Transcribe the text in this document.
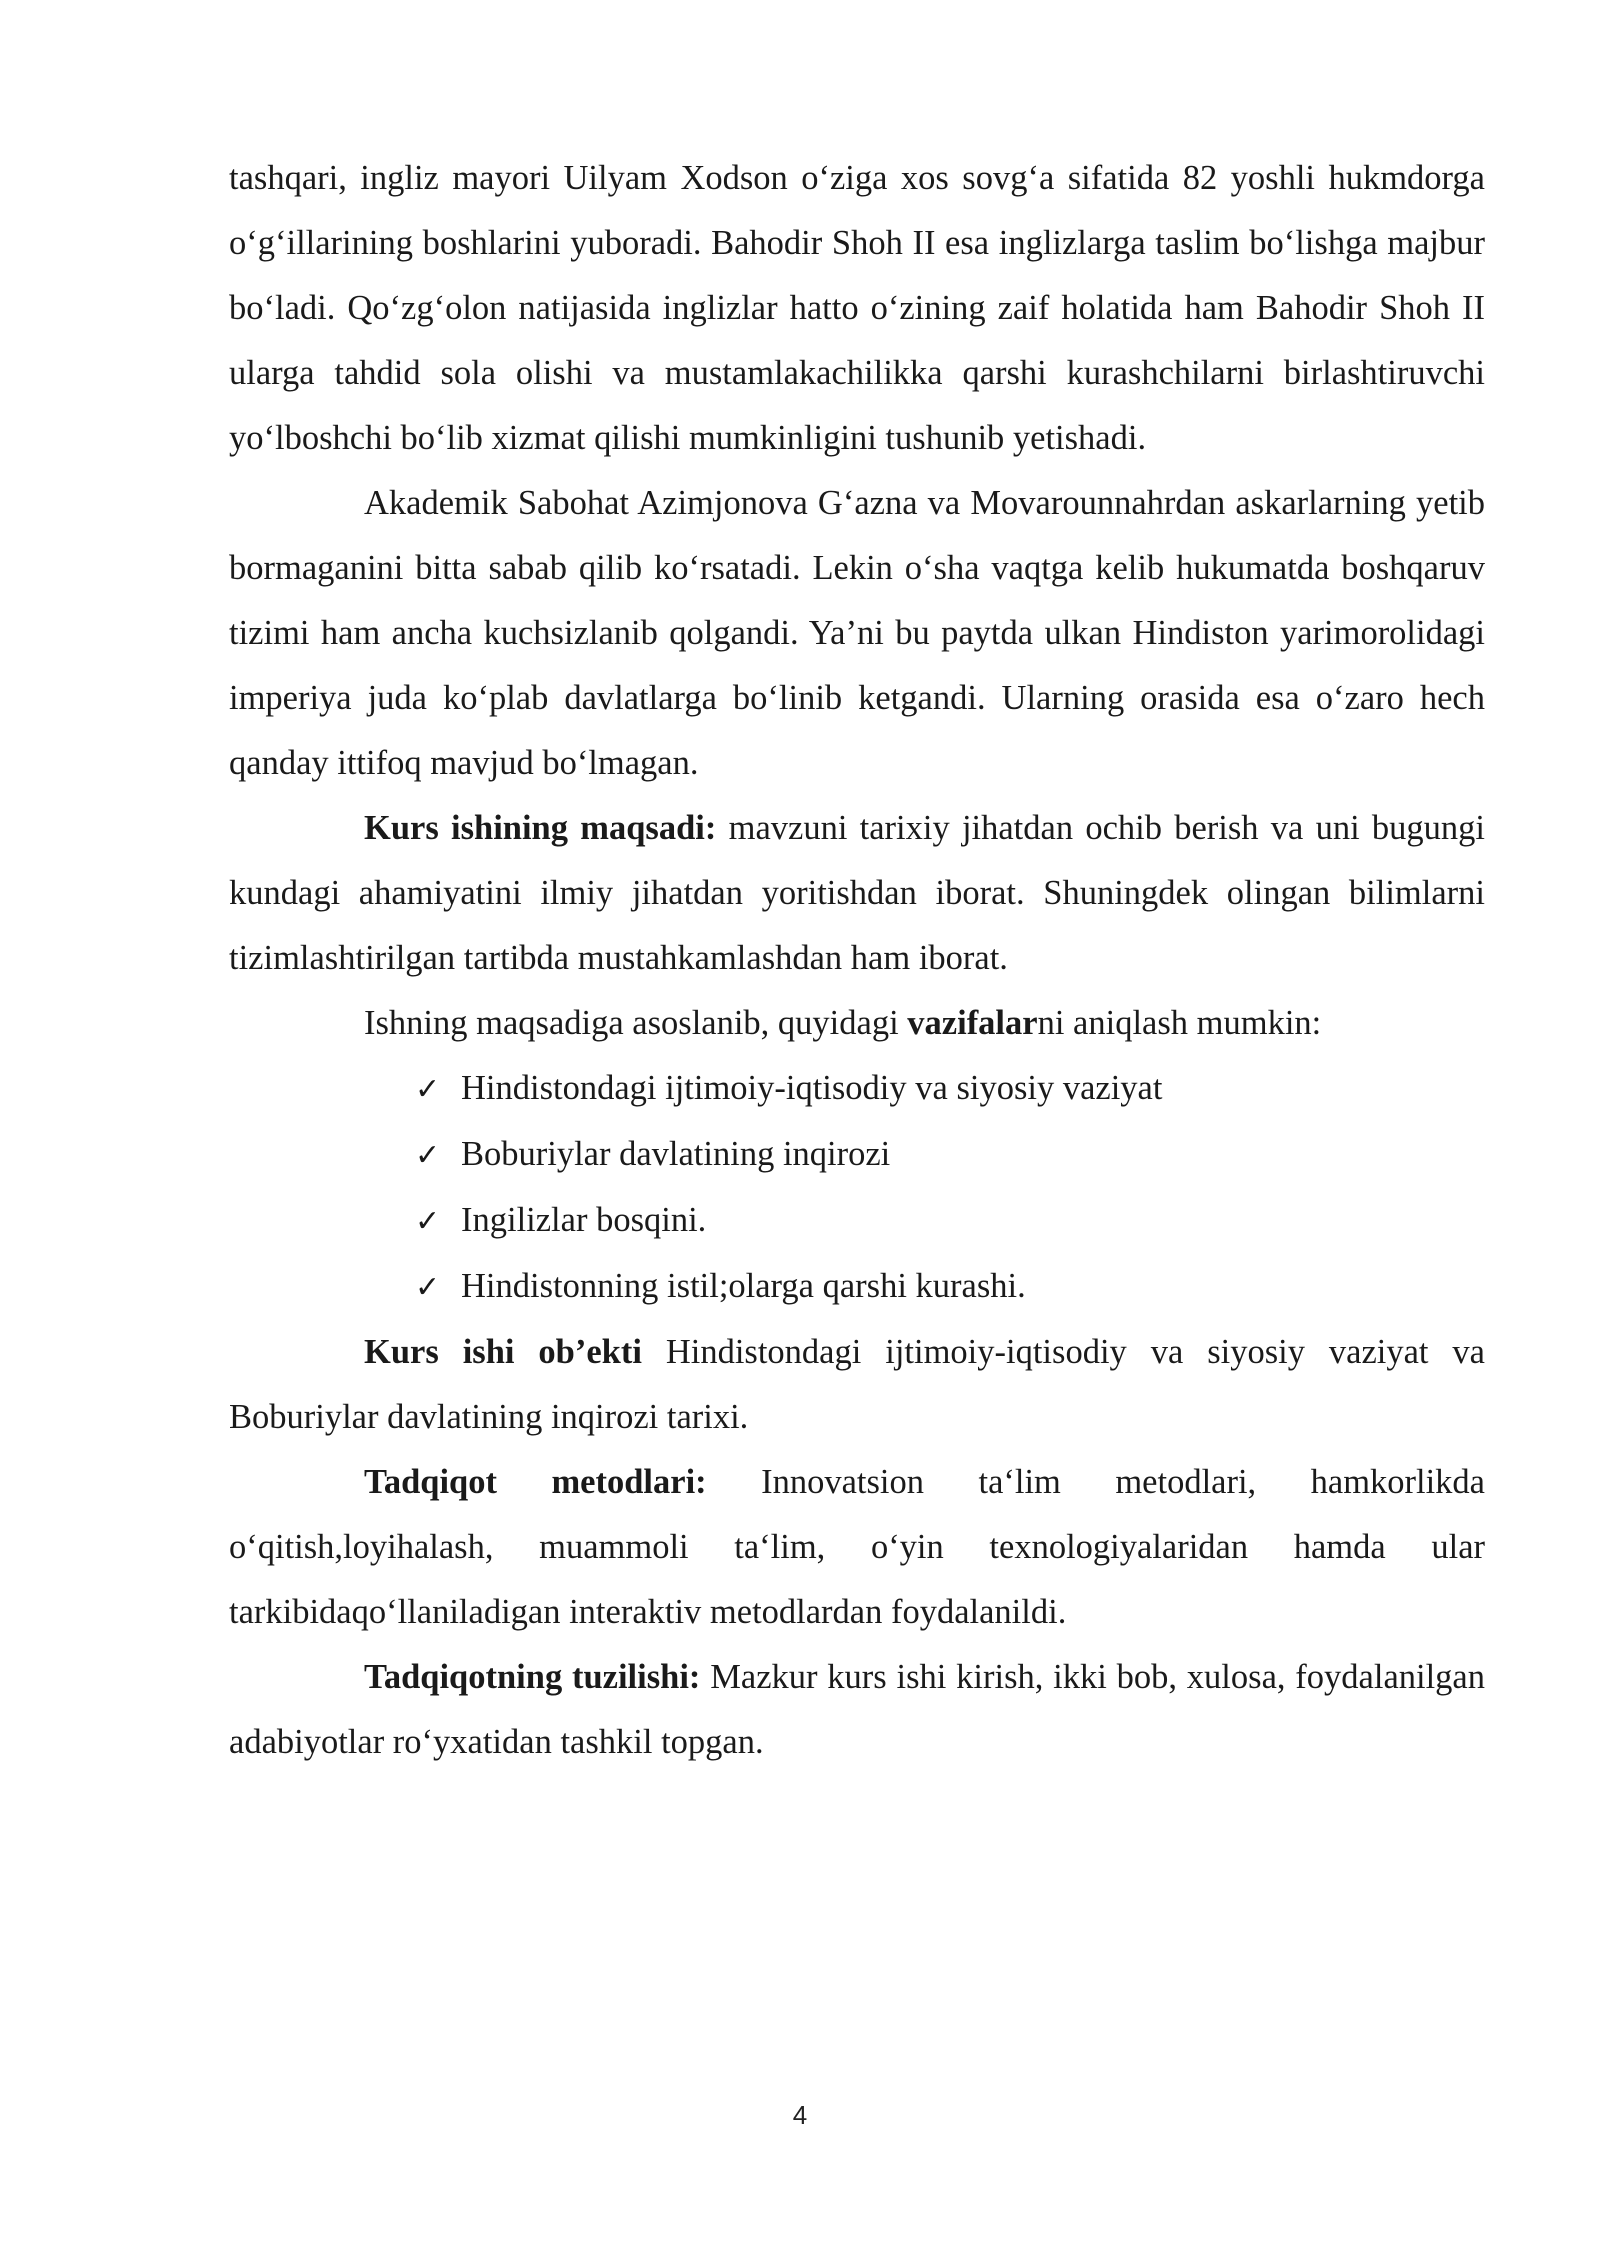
tashqari, ingliz mayori Uilyam Xodson o‘ziga xos sovg‘a sifatida 82 yoshli hukmdorga o‘g‘illarining boshlarini yuboradi. Bahodir Shoh II esa inglizlarga taslim bo‘lishga majbur bo‘ladi. Qo‘zg‘olon natijasida inglizlar hatto o‘zining zaif holatida ham Bahodir Shoh II ularga tahdid sola olishi va mustamlakachilikka qarshi kurashchilarni birlashtiruvchi yo‘lboshchi bo‘lib xizmat qilishi mumkinligini tushunib yetishadi.

Akademik Sabohat Azimjonova G‘azna va Movarounnahrdan askarlarning yetib bormaganini bitta sabab qilib ko‘rsatadi. Lekin o‘sha vaqtga kelib hukumatda boshqaruv tizimi ham ancha kuchsizlanib qolgandi. Ya’ni bu paytda ulkan Hindiston yarimorolidagi imperiya juda ko‘plab davlatlarga bo‘linib ketgandi. Ularning orasida esa o‘zaro hech qanday ittifoq mavjud bo‘lmagan.

Kurs ishining maqsadi: mavzuni tarixiy jihatdan ochib berish va uni bugungi kundagi ahamiyatini ilmiy jihatdan yoritishdan iborat. Shuningdek olingan bilimlarni tizimlashtirilgan tartibda mustahkamlashdan ham iborat.

Ishning maqsadiga asoslanib, quyidagi vazifalarni aniqlash mumkin:

✓ Hindistondagi ijtimoiy-iqtisodiy va siyosiy vaziyat
✓ Boburiylar davlatining inqirozi
✓ Ingilizlar bosqini.
✓ Hindistonning istil;olarga qarshi kurashi.

Kurs ishi ob’ekti Hindistondagi ijtimoiy-iqtisodiy va siyosiy vaziyat va Boburiylar davlatining inqirozi tarixi.

Tadqiqot metodlari: Innovatsion ta‘lim metodlari, hamkorlikda o‘qitish,loyihalash, muammoli ta‘lim, o‘yin texnologiyalaridan hamda ular tarkibidaqo‘llaniladigan interaktiv metodlardan foydalanildi.

Tadqiqotning tuzilishi: Mazkur kurs ishi kirish, ikki bob, xulosa, foydalanilgan adabiyotlar ro‘yxatidan tashkil topgan.

4
